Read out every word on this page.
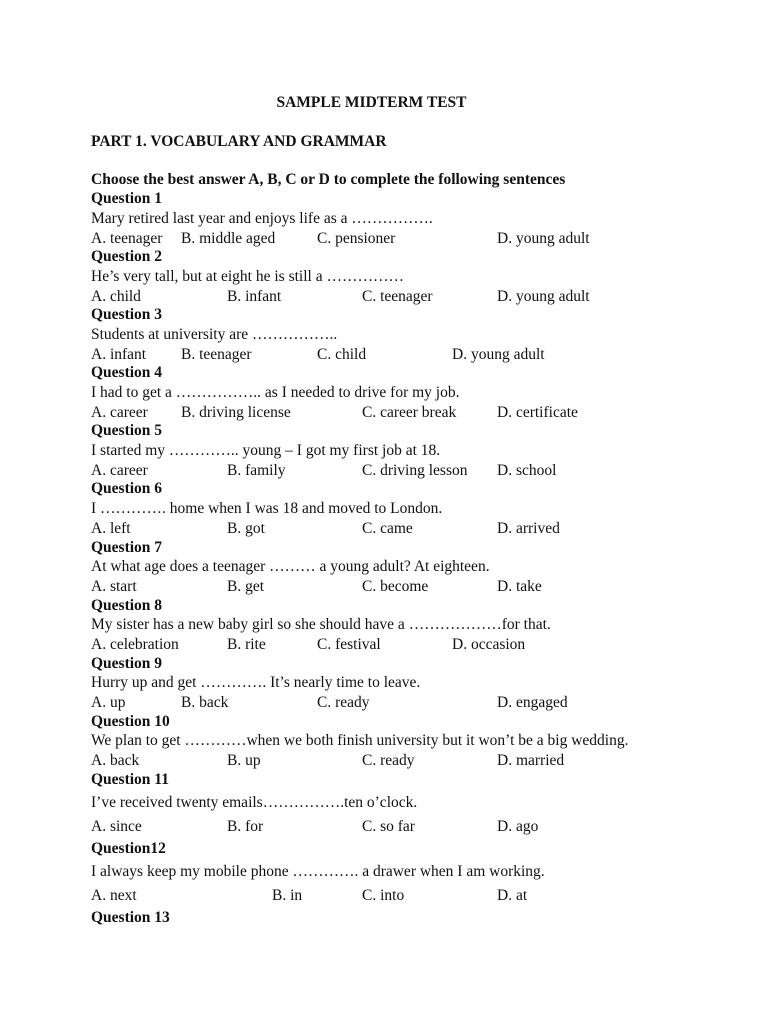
SAMPLE MIDTERM TEST
PART 1. VOCABULARY AND GRAMMAR
Choose the best answer A, B, C or D to complete the following sentences
Question 1
Mary retired last year and enjoys life as a …………….
A. teenager B. middle aged	C. pensioner	D. young adult
Question 2
He’s very tall, but at eight he is still a ……………
A. child	B. infant	C. teenager	D. young adult
Question 3
Students at university are ……………..
A. infant B. teenager	C. child	D. young adult
Question 4
I had to get a …………….. as I needed to drive for my job.
A. career B. driving license	C. career break	D. certificate
Question 5
I started my ………….. young – I got my first job at 18.
A. career	B. family	C. driving lesson D. school
Question 6
I …………. home when I was 18 and moved to London.
A. left	B. got	C. came	D. arrived
Question 7
At what age does a teenager ……… a young adult? At eighteen.
A. start	B. get	C. become	D. take
Question 8
My sister has a new baby girl so she should have a ………………for that.
A. celebration	B. rite	C. festival	D. occasion
Question 9
Hurry up and get …………. It’s nearly time to leave.
A. up	B. back	C. ready	D. engaged
Question 10
We plan to get …………when we both finish university but it won’t be a big wedding.
A. back	B. up	C. ready	D. married
Question 11
I’ve received twenty emails…………….ten o’clock.
A. since	B. for	C. so far	D. ago
Question12
I always keep my mobile phone …………. a drawer when I am working.
A. next	B. in	C. into	D. at
Question 13
